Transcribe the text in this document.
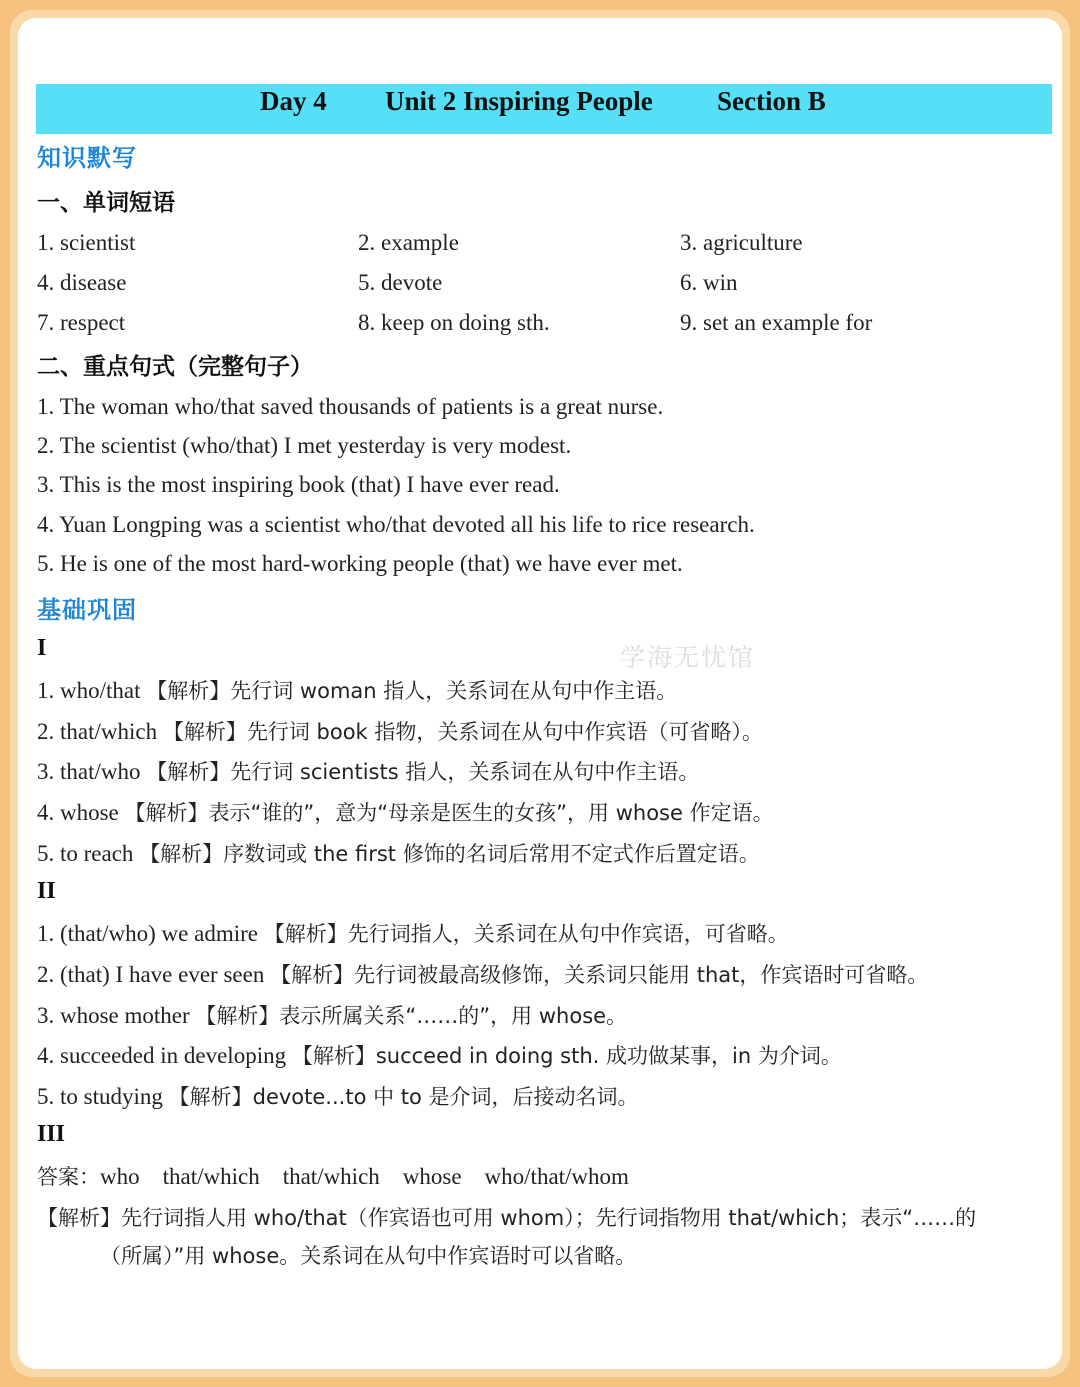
Day 4 Unit 2 Inspiring People Section B
知识默写
一、单词短语
1. scientist	2. example	3. agriculture
4. disease	5. devote	6. win
7. respect	8. keep on doing sth.	9. set an example for
二、重点句式（完整句子）
1. The woman who/that saved thousands of patients is a great nurse.
2. The scientist (who/that) I met yesterday is very modest.
3. This is the most inspiring book (that) I have ever read.
4. Yuan Longping was a scientist who/that devoted all his life to rice research.
5. He is one of the most hard-working people (that) we have ever met.
基础巩固
学海无忧馆
I
1. who/that 【解析】先行词 woman 指人，关系词在从句中作主语。
2. that/which 【解析】先行词 book 指物，关系词在从句中作宾语（可省略）。
3. that/who 【解析】先行词 scientists 指人，关系词在从句中作主语。
4. whose 【解析】表示“谁的”，意为“母亲是医生的女孩”，用 whose 作定语。
5. to reach 【解析】序数词或 the first 修饰的名词后常用不定式作后置定语。
II
1. (that/who) we admire 【解析】先行词指人，关系词在从句中作宾语，可省略。
2. (that) I have ever seen 【解析】先行词被最高级修饰，关系词只能用 that，作宾语时可省略。
3. whose mother 【解析】表示所属关系“……的”，用 whose。
4. succeeded in developing 【解析】succeed in doing sth. 成功做某事，in 为介词。
5. to studying 【解析】devote...to 中 to 是介词，后接动名词。
III
答案：who    that/which    that/which    whose    who/that/whom
【解析】先行词指人用 who/that（作宾语也可用 whom）；先行词指物用 that/which；表示“……的
（所属）”用 whose。关系词在从句中作宾语时可以省略。
